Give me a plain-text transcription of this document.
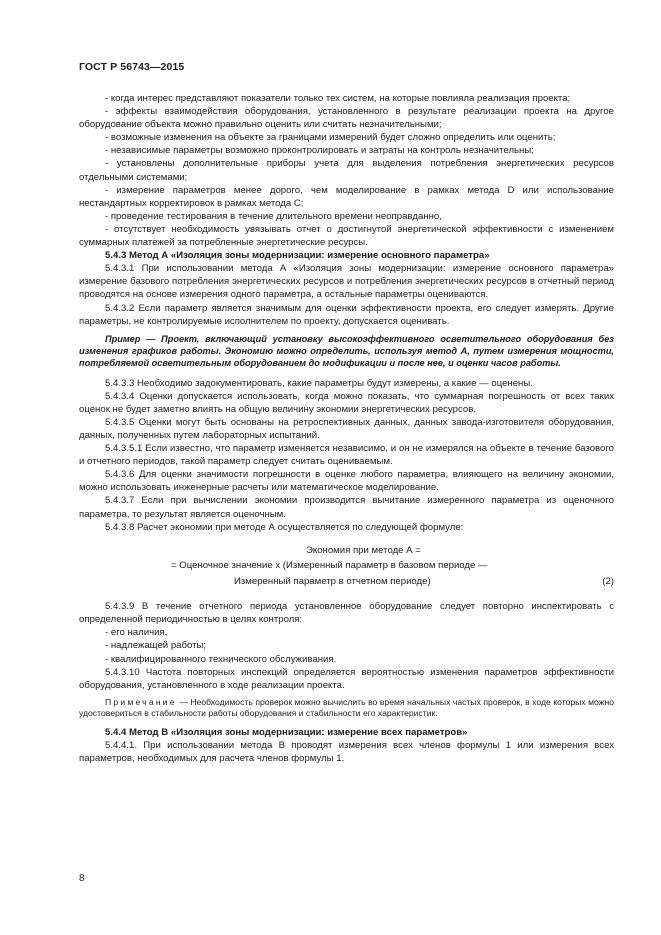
ГОСТ Р 56743—2015

- когда интерес представляют показатели только тех систем, на которые повлияла реализация проекта;

- эффекты взаимодействия оборудования, установленного в результате реализации проекта на другое оборудование объекта можно правильно оценить или считать незначительными;

- возможные изменения на объекте за границами измерений будет сложно определить или оценить;

- независимые параметры возможно проконтролировать и затраты на контроль незначительны;

- установлены дополнительные приборы учета для выделения потребления энергетических ресурсов отдельными системами;

- измерение параметров менее дорого, чем моделирование в рамках метода D или использование нестандартных корректировок в рамках метода С;

- проведение тестирования в течение длительного времени неоправданно,

- отсутствует необходимость увязывать отчет о достигнутой энергетической эффективности с изменением суммарных платежей за потребленные энергетические ресурсы.

5.4.3 Метод А «Изоляция зоны модернизации: измерение основного параметра»

5.4.3.1 При использовании метода А «Изоляция зоны модернизации: измерение основного параметра» измерение базового потребления энергетических ресурсов и потребления энергетических ресурсов в отчетный период проводятся на основе измерения одного параметра, а остальные параметры оцениваются.

5.4.3.2 Если параметр является значимым для оценки эффективности проекта, его следует измерять. Другие параметры, не контролируемые исполнителем по проекту, допускается оценивать.

Пример — Проект, включающий установку высокоэффективного осветительного оборудования без изменения графиков работы. Экономию можно определить, используя метод А, путем измерения мощности, потребляемой осветительным оборудованием до модификации и после нее, и оценки часов работы.

5.4.3.3 Необходимо задокументировать, какие параметры будут измерены, а какие — оценены.

5.4.3.4 Оценки допускается использовать, когда можно показать, что суммарная погрешность от всех таких оценок не будет заметно влиять на общую величину экономии энергетических ресурсов.

5.4.3.5 Оценки могут быть основаны на ретроспективных данных, данных завода-изготовителя оборудования, данных, полученных путем лабораторных испытаний.

5.4.3.5.1 Если известно, что параметр изменяется независимо, и он не измерялся на объекте в течение базового и отчетного периодов, такой параметр следует считать оцениваемым.

5.4.3.6 Для оценки значимости погрешности в оценке любого параметра, влияющего на величину экономии, можно использовать инженерные расчеты или математическое моделирование.

5.4.3.7 Если при вычислении экономии производится вычитание измеренного параметра из оценочного параметра, то результат является оценочным.

5.4.3.8 Расчет экономии при методе А осуществляется по следующей формуле:

Экономия при методе А =
= Оценочное значение х (Измеренный параметр в базовом периоде —
Измеренный параметр в отчетном периоде)	(2)

5.4.3.9 В течение отчетного периода установленное оборудование следует повторно инспектировать с определенной периодичностью в целях контроля:

- его наличия,

- надлежащей работы;

- квалифицированного технического обслуживания.

5.4.3.10 Частота повторных инспекций определяется вероятностью изменения параметров эффективности оборудования, установленного в ходе реализации проекта.

Примечание — Необходимость проверок можно вычислить во время начальных частых проверок, в ходе которых можно удостовериться в стабильности работы оборудования и стабильности его характеристик.

5.4.4 Метод В «Изоляция зоны модернизации: измерение всех параметров»

5.4.4.1. При использовании метода В проводят измерения всех членов формулы 1 или измерения всех параметров, необходимых для расчета членов формулы 1.

8
